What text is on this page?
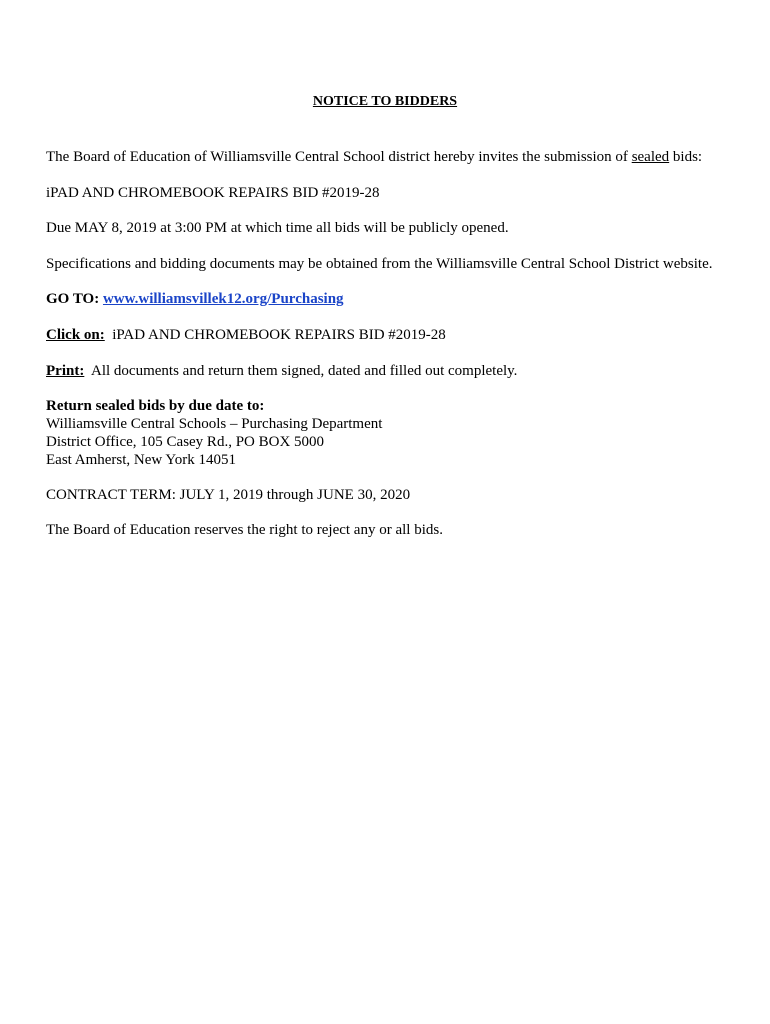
NOTICE TO BIDDERS

The Board of Education of Williamsville Central School district hereby invites the submission of sealed bids:

iPAD AND CHROMEBOOK REPAIRS BID #2019-28

Due MAY 8, 2019 at 3:00 PM at which time all bids will be publicly opened.

Specifications and bidding documents may be obtained from the Williamsville Central School District website.

GO TO: www.williamsvillek12.org/Purchasing

Click on: iPAD AND CHROMEBOOK REPAIRS BID #2019-28

Print: All documents and return them signed, dated and filled out completely.

Return sealed bids by due date to:
Williamsville Central Schools – Purchasing Department
District Office, 105 Casey Rd., PO BOX 5000
East Amherst, New York 14051

CONTRACT TERM: JULY 1, 2019 through JUNE 30, 2020

The Board of Education reserves the right to reject any or all bids.
